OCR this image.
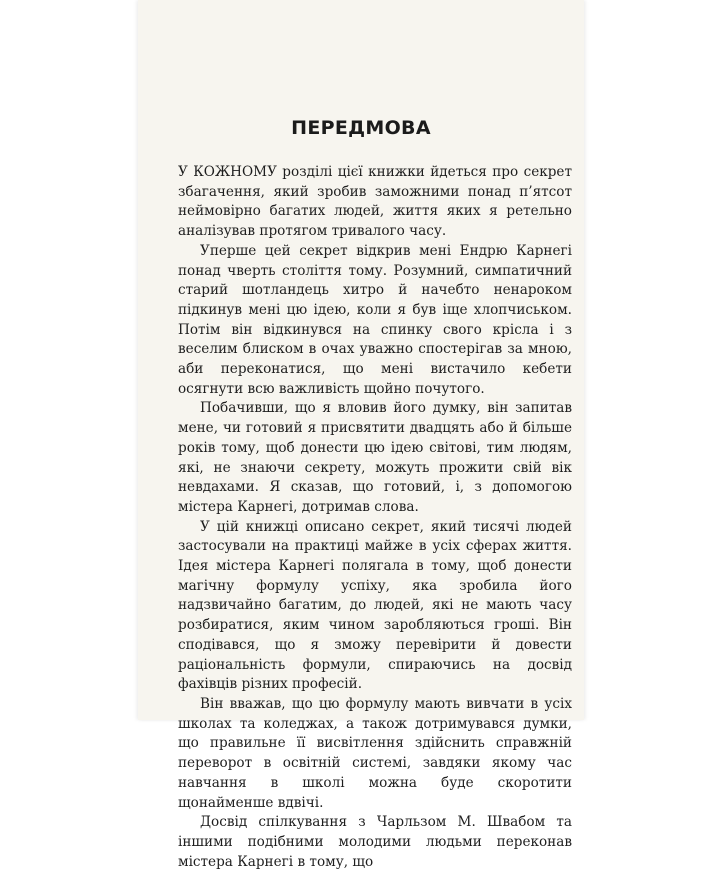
ПЕРЕДМОВА

У КОЖНОМУ розділі цієї книжки йдеться про секрет збагачення, який зробив заможними понад п’ятсот неймовірно багатих людей, життя яких я ретельно аналізував протягом тривалого часу.

Уперше цей секрет відкрив мені Ендрю Карнегі понад чверть століття тому. Розумний, симпатичний старий шотландець хитро й начебто ненароком підкинув мені цю ідею, коли я був іще хлопчиськом. Потім він відкинувся на спинку свого крісла і з веселим блиском в очах уважно спостерігав за мною, аби переконатися, що мені вистачило кебети осягнути всю важливість щойно почутого.

Побачивши, що я вловив його думку, він запитав мене, чи готовий я присвятити двадцять або й більше років тому, щоб донести цю ідею світові, тим людям, які, не знаючи секрету, можуть прожити свій вік невдахами. Я сказав, що готовий, і, з допомогою містера Карнегі, дотримав слова.

У цій книжці описано секрет, який тисячі людей застосували на практиці майже в усіх сферах життя. Ідея містера Карнегі полягала в тому, щоб донести магічну формулу успіху, яка зробила його надзвичайно багатим, до людей, які не мають часу розбиратися, яким чином заробляються гроші. Він сподівався, що я зможу перевірити й довести раціональність формули, спираючись на досвід фахівців різних професій.

Він вважав, що цю формулу мають вивчати в усіх школах та коледжах, а також дотримувався думки, що правильне її висвітлення здійснить справжній переворот в освітній системі, завдяки якому час навчання в школі можна буде скоротити щонайменше вдвічі.

Досвід спілкування з Чарльзом М. Швабом та іншими подібними молодими людьми переконав містера Карнегі в тому, що
